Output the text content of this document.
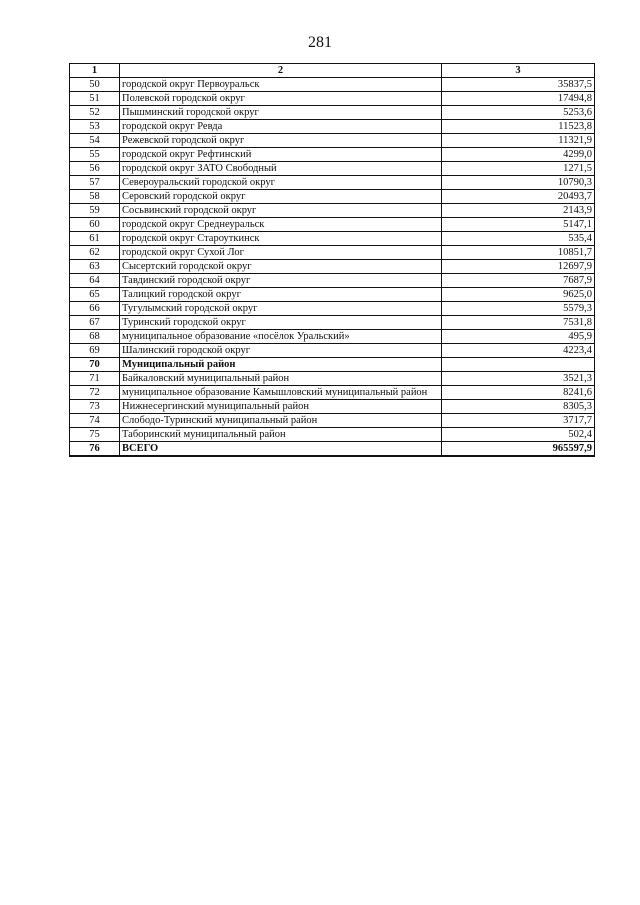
281
1	2	3
50	городской округ Первоуральск	35837,5
51	Полевской городской округ	17494,8
52	Пышминский городской округ	5253,6
53	городской округ Ревда	11523,8
54	Режевской городской округ	11321,9
55	городской округ Рефтинский	4299,0
56	городской округ ЗАТО Свободный	1271,5
57	Североуральский городской округ	10790,3
58	Серовский городской округ	20493,7
59	Сосьвинский городской округ	2143,9
60	городской округ Среднеуральск	5147,1
61	городской округ Староуткинск	535,4
62	городской округ Сухой Лог	10851,7
63	Сысертский городской округ	12697,9
64	Тавдинский городской округ	7687,9
65	Талицкий городской округ	9625,0
66	Тугулымский городской округ	5579,3
67	Туринский городской округ	7531,8
68	муниципальное образование «посёлок Уральский»	495,9
69	Шалинский городской округ	4223,4
70	Муниципальный район	
71	Байкаловский муниципальный район	3521,3
72	муниципальное образование Камышловский муниципальный район	8241,6
73	Нижнесергинский муниципальный район	8305,3
74	Слободо-Туринский муниципальный район	3717,7
75	Таборинский муниципальный район	502,4
76	ВСЕГО	965597,9
